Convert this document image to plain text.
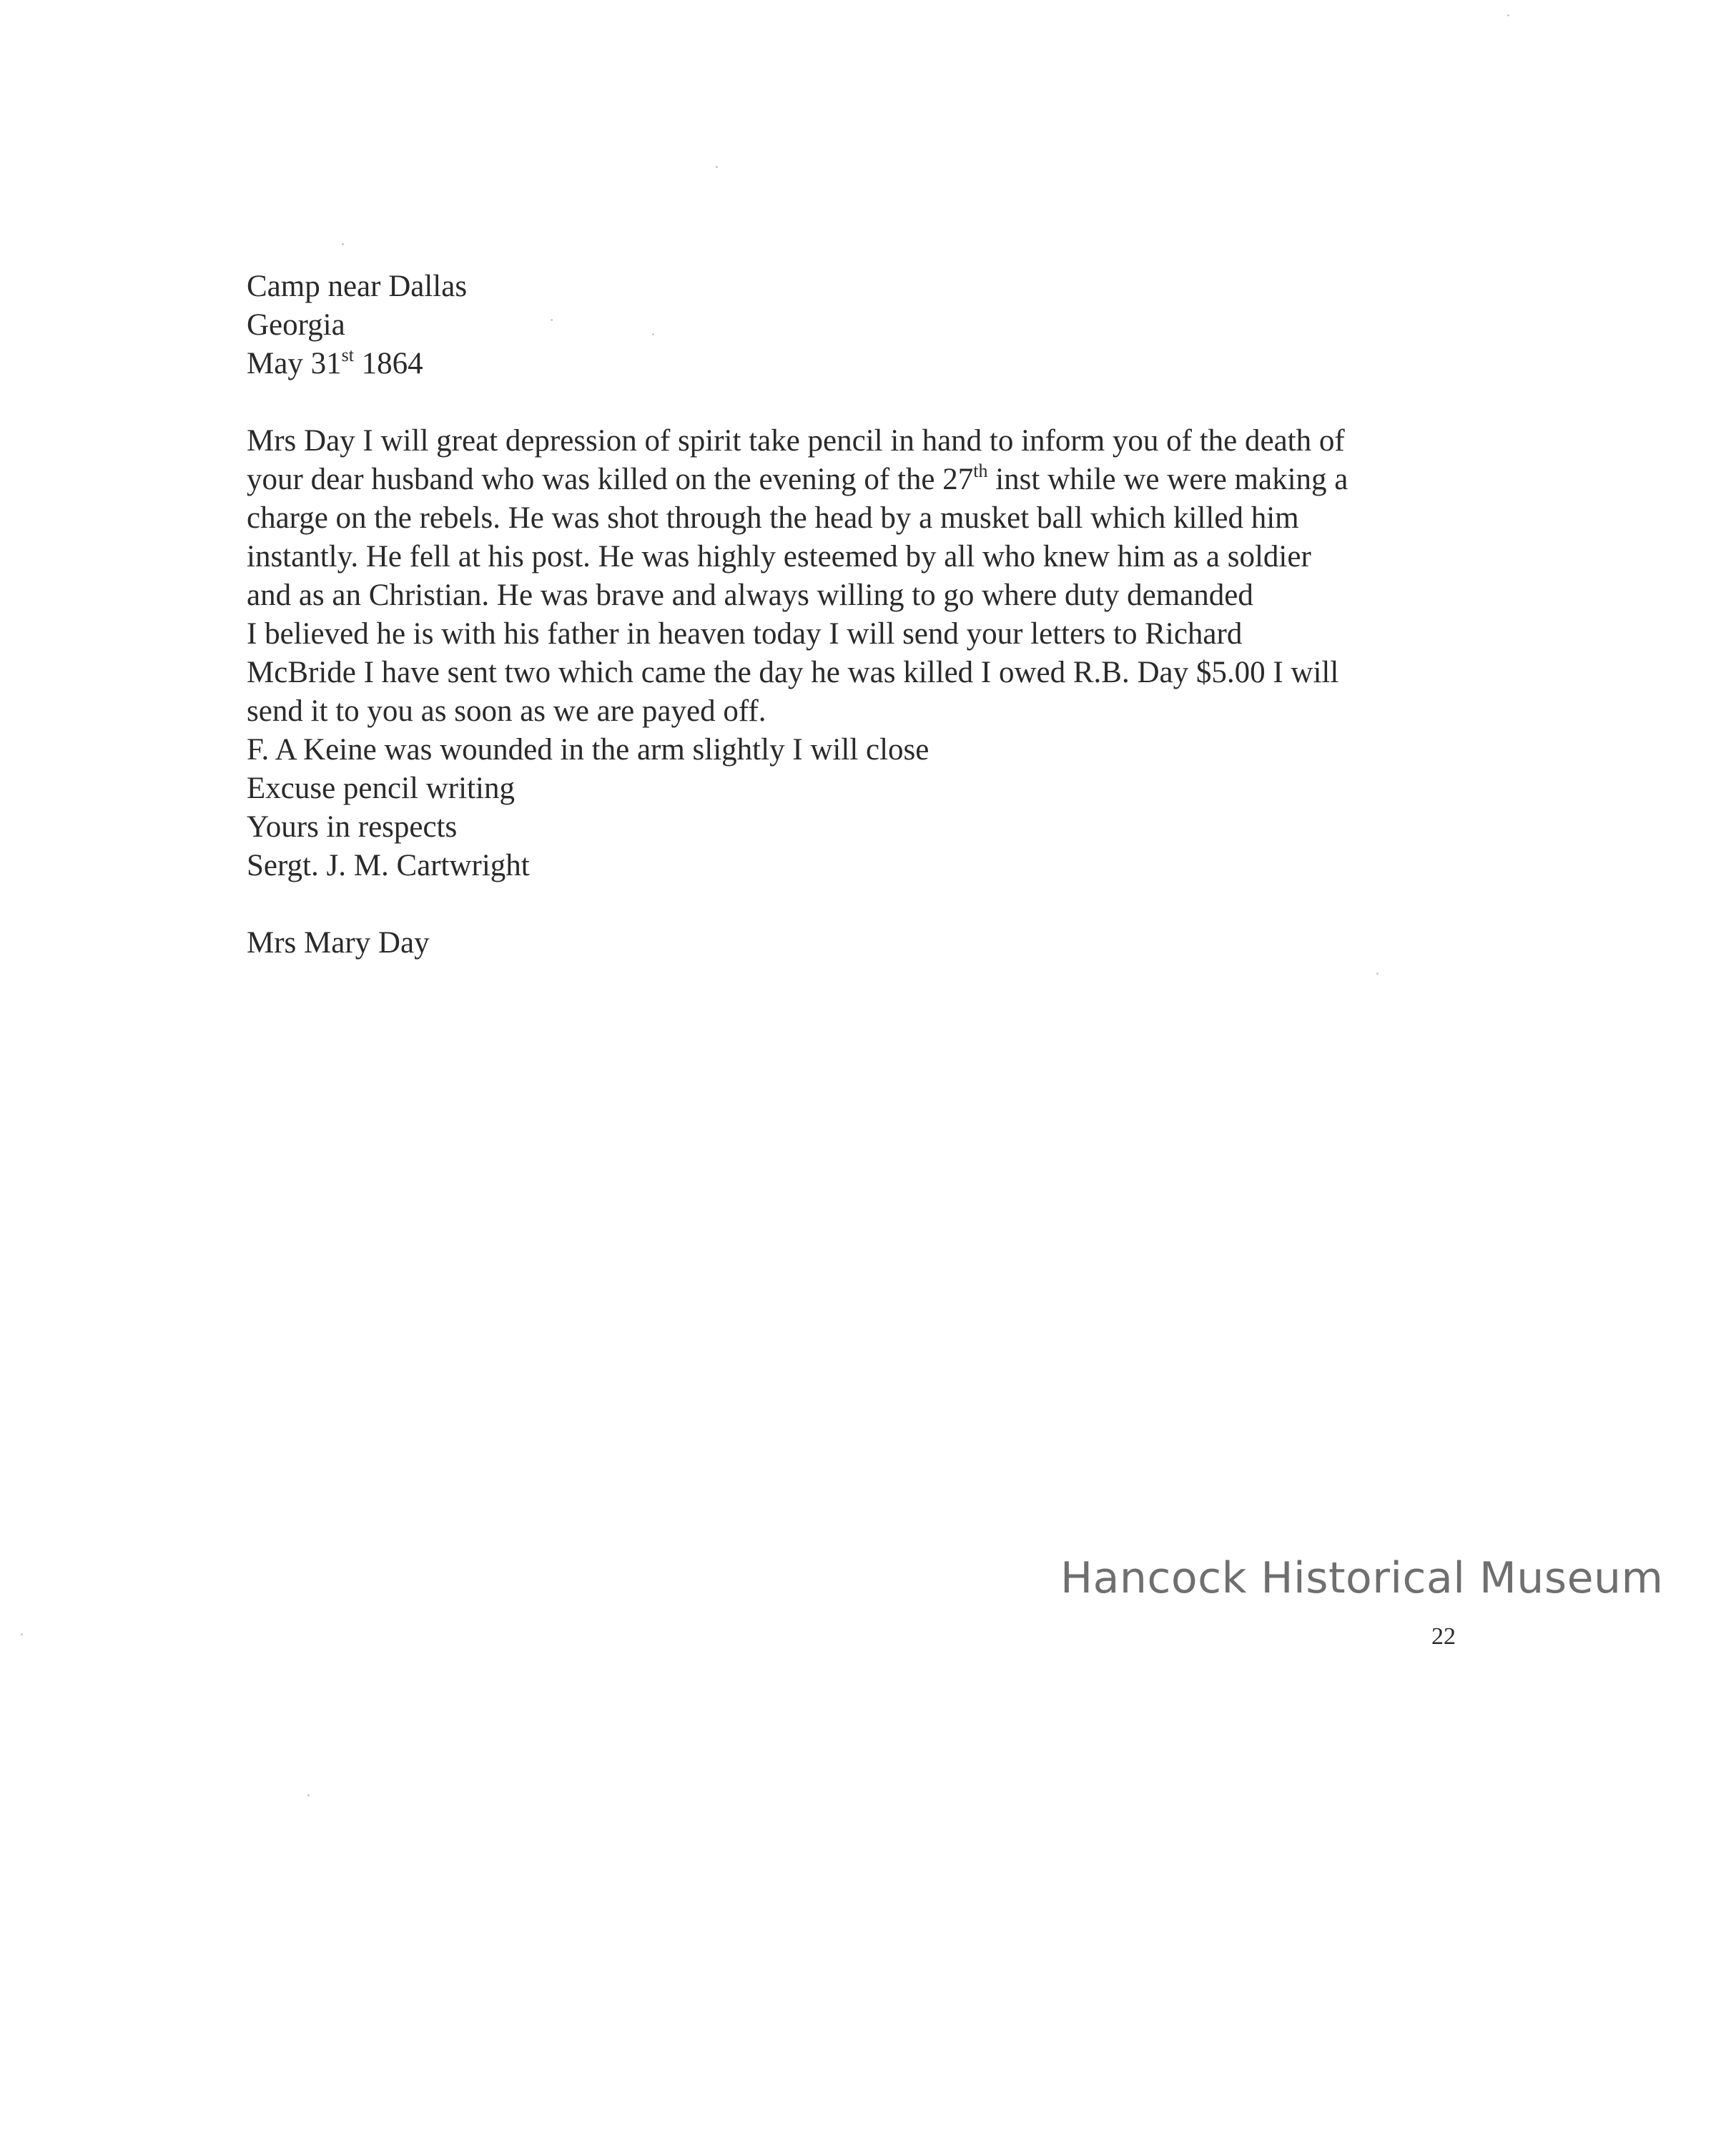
Camp near Dallas
Georgia
May 31st 1864
Mrs Day I will great depression of spirit take pencil in hand to inform you of the death of
your dear husband who was killed on the evening of the 27th inst while we were making a
charge on the rebels. He was shot through the head by a musket ball which killed him
instantly. He fell at his post. He was highly esteemed by all who knew him as a soldier
and as an Christian. He was brave and always willing to go where duty demanded
I believed he is with his father in heaven today I will send your letters to Richard
McBride I have sent two which came the day he was killed I owed R.B. Day $5.00 I will
send it to you as soon as we are payed off.
F. A Keine was wounded in the arm slightly I will close
Excuse pencil writing
Yours in respects
Sergt. J. M. Cartwright
Mrs Mary Day
Hancock Historical Museum
22
